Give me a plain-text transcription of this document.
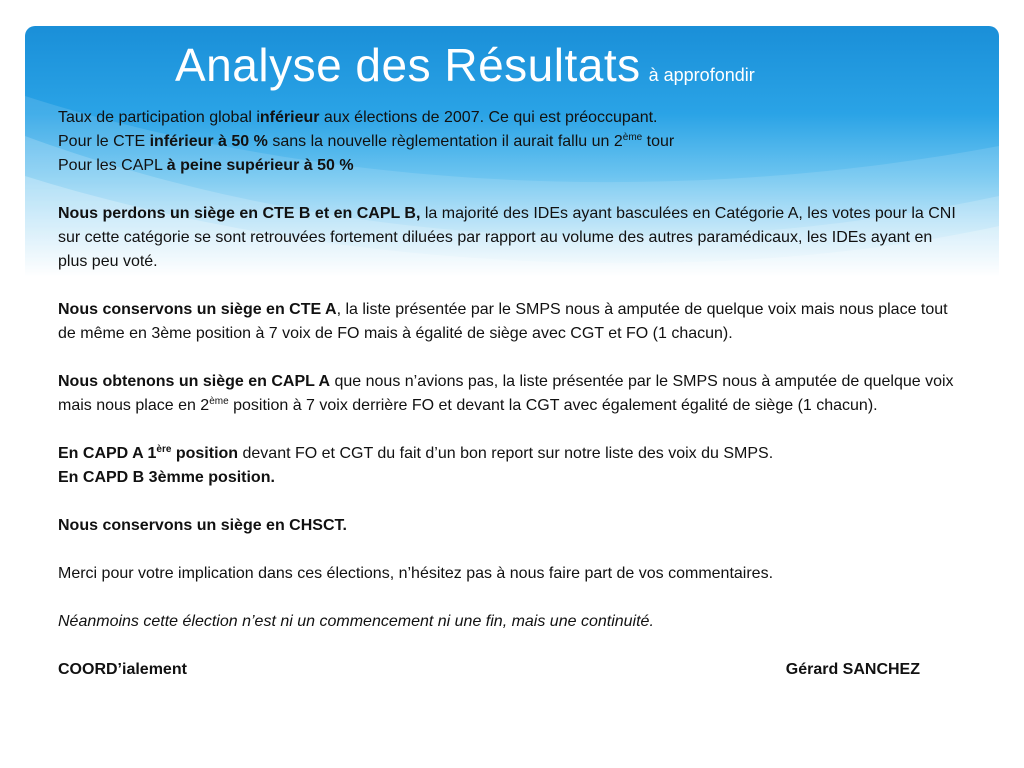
Analyse des Résultats à approfondir

Taux de participation global inférieur aux élections de 2007. Ce qui est préoccupant.

Pour le CTE inférieur à 50 % sans la nouvelle règlementation il aurait fallu un 2ème tour

Pour les CAPL à peine supérieur à 50 %

Nous perdons un siège en CTE B et en CAPL B, la majorité des IDEs ayant basculées en Catégorie A, les votes pour la CNI sur cette catégorie se sont retrouvées fortement diluées par rapport au volume des autres paramédicaux, les IDEs ayant en plus peu voté.

Nous conservons un siège en CTE A, la liste présentée par le SMPS nous à amputée de quelque voix mais nous place tout de même en 3ème position à 7 voix de FO mais à égalité de siège avec CGT et FO (1 chacun).

Nous obtenons un siège en CAPL A que nous n’avions pas, la liste présentée par le SMPS nous à amputée de quelque voix mais nous place en 2ème position à 7 voix derrière FO et devant la CGT avec également égalité de siège (1 chacun).

En CAPD A 1ère position devant FO et CGT du fait d’un bon report sur notre liste des voix du SMPS.

En CAPD B 3èmme position.

Nous conservons un siège en CHSCT.

Merci pour votre implication dans ces élections, n’hésitez pas à nous faire part de vos commentaires.

Néanmoins cette élection n’est ni un commencement ni une fin, mais une continuité.

COORD’ialement	Gérard SANCHEZ
